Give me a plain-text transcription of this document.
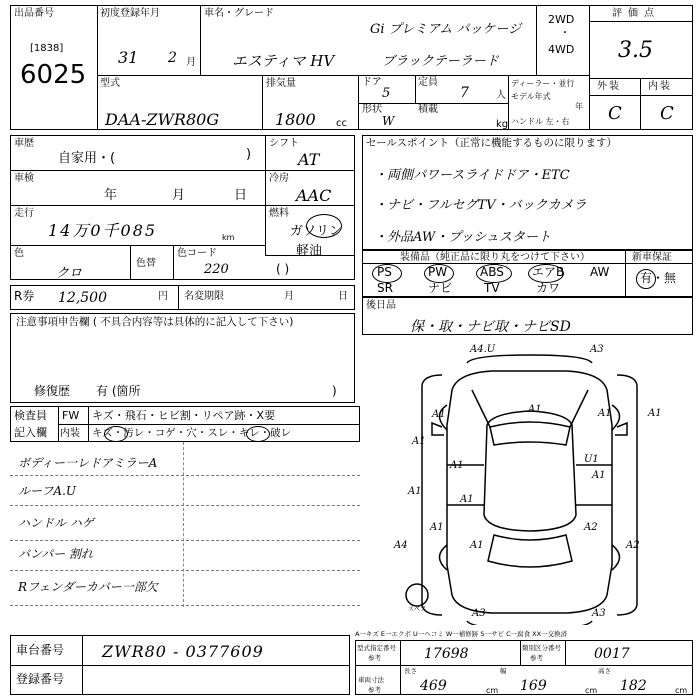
出品番号
[1838]
6025
初度登録年月
31 2 月
車名・グレード
Gi プレミアム パッケージ
エスティマ HV	ブラックテーラード
2WD
・
4WD
評価点
3.5
外装	内装
C C
型式
DAA-ZWR80G
排気量
1800 cc
ドア
5
定員
7	人
形状
W
積載
kg
ディーラー・並行
モデル年式
年
ハンドル 左・右
車歴
自家用・(	)
シフト
AT
車検
年	月	日
冷房
AAC
走行
14万0千085	km
燃料
ガソリン
軽油
色
クロ
色替
色コード
220	( )
R券 12,500	円 名変期限	月	日
注意事項申告欄 ( 不具合内容等は具体的に記入して下さい)
修復歴 有 (箇所	)
検査員
記入欄
FW キズ・飛石・ヒビ割・リペア跡・X要
内装 キズ・汚レ・コゲ・穴・スレ・キレ・破レ
ボディー一レドアミラーA
ルーフA.U
ハンドル ハゲ
バンパー 割れ
Rフェンダーカバー一部欠
セールスポイント（正常に機能するものに限ります）
・両側パワースライドドア・ETC
・ナビ・フルセグTV・バックカメラ
・外品AW・プッシュスタート
装備品（純正品に限り丸をつけて下さい）	新車保証
PS	PW	ABS エアB AW
SR	ナビ	TV	カワ
有・無
後日品
保・取・ナビ取・ナビSD
A4.U	A3
A1	A1	A1	A1
A1
A1
U1
A1
A1
A1
A2
A2
A1
A1
A4
A3	A3
スペア
A一キズ E一エクボ U一ヘコミ W一補修跡 S一サビ C一腐食 XX一交換済
車台番号 ZWR80 - 0377609
登録番号
型式指定番号
参考	17698	類別区分番号
参考	0017
車両寸法
参考
長さ
469	cm
幅
169	cm
高さ
182	cm
